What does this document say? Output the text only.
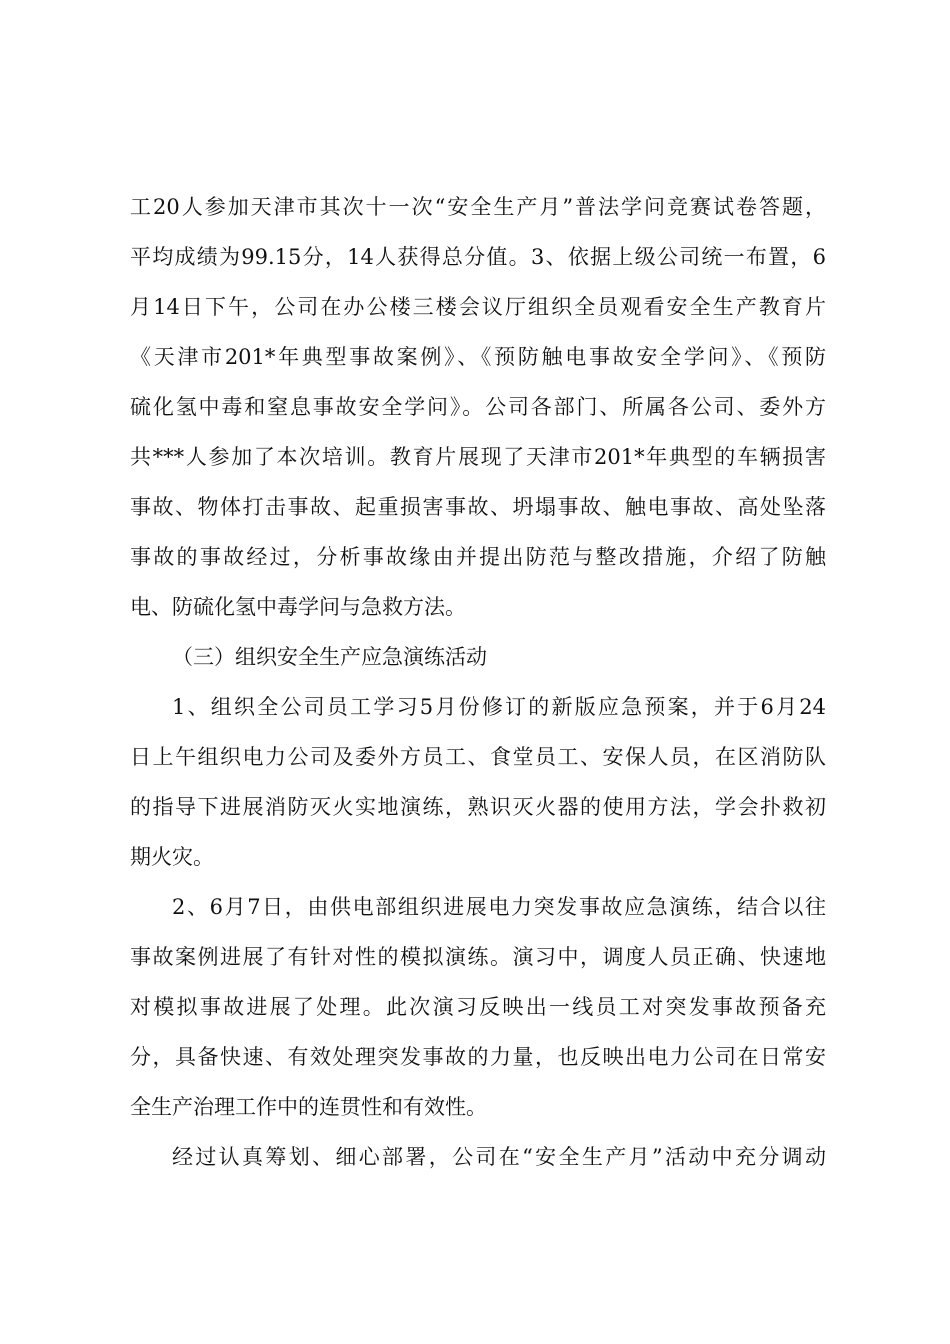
工20人参加天津市其次十一次“安全生产月”普法学问竞赛试卷答题，
平均成绩为99.15分，14人获得总分值。3、依据上级公司统一布置，6
月14日下午，公司在办公楼三楼会议厅组织全员观看安全生产教育片
《天津市201*年典型事故案例》、《预防触电事故安全学问》、《预防
硫化氢中毒和窒息事故安全学问》。公司各部门、所属各公司、委外方
共***人参加了本次培训。教育片展现了天津市201*年典型的车辆损害
事故、物体打击事故、起重损害事故、坍塌事故、触电事故、高处坠落
事故的事故经过，分析事故缘由并提出防范与整改措施，介绍了防触
电、防硫化氢中毒学问与急救方法。
（三）组织安全生产应急演练活动
1、组织全公司员工学习5月份修订的新版应急预案，并于6月24
日上午组织电力公司及委外方员工、食堂员工、安保人员，在区消防队
的指导下进展消防灭火实地演练，熟识灭火器的使用方法，学会扑救初
期火灾。
2、6月7日，由供电部组织进展电力突发事故应急演练，结合以往
事故案例进展了有针对性的模拟演练。演习中，调度人员正确、快速地
对模拟事故进展了处理。此次演习反映出一线员工对突发事故预备充
分，具备快速、有效处理突发事故的力量，也反映出电力公司在日常安
全生产治理工作中的连贯性和有效性。
经过认真筹划、细心部署，公司在“安全生产月”活动中充分调动
